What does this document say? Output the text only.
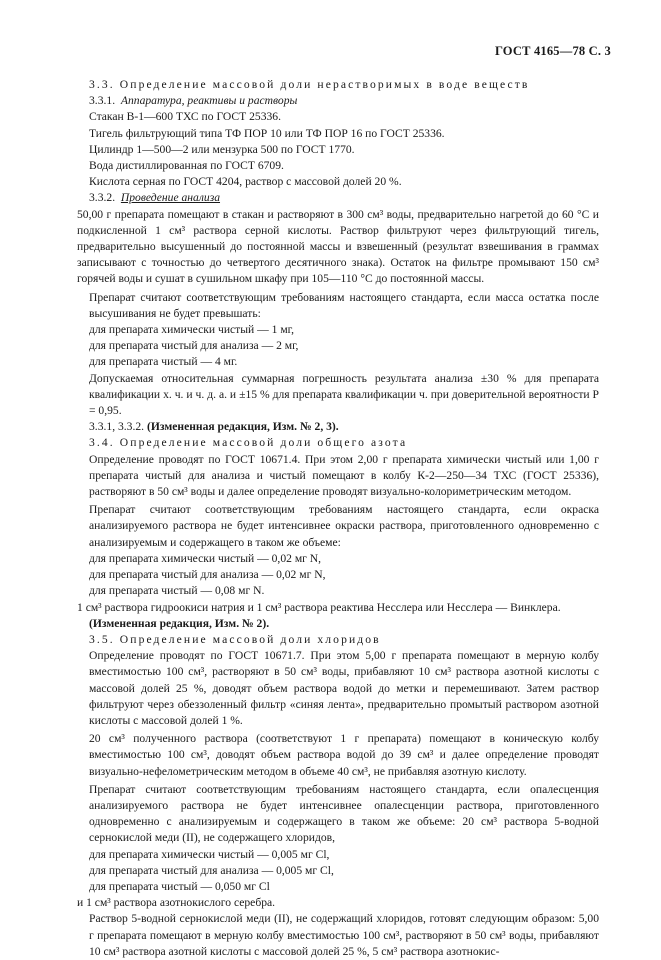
ГОСТ 4165—78 С. 3

3.3. Определение массовой доли нерастворимых в воде веществ

3.3.1. Аппаратура, реактивы и растворы

Стакан В-1—600 ТХС по ГОСТ 25336.

Тигель фильтрующий типа ТФ ПОР 10 или ТФ ПОР 16 по ГОСТ 25336.

Цилиндр 1—500—2 или мензурка 500 по ГОСТ 1770.

Вода дистиллированная по ГОСТ 6709.

Кислота серная по ГОСТ 4204, раствор с массовой долей 20 %.

3.3.2. Проведение анализа

50,00 г препарата помещают в стакан и растворяют в 300 см³ воды, предварительно нагретой до 60 °С и подкисленной 1 см³ раствора серной кислоты. Раствор фильтруют через фильтрующий тигель, предварительно высушенный до постоянной массы и взвешенный (результат взвешивания в граммах записывают с точностью до четвертого десятичного знака). Остаток на фильтре промывают 150 см³ горячей воды и сушат в сушильном шкафу при 105—110 °С до постоянной массы.

Препарат считают соответствующим требованиям настоящего стандарта, если масса остатка после высушивания не будет превышать:

для препарата химически чистый — 1 мг,

для препарата чистый для анализа — 2 мг,

для препарата чистый — 4 мг.

Допускаемая относительная суммарная погрешность результата анализа ±30 % для препарата квалификации х. ч. и ч. д. а. и ±15 % для препарата квалификации ч. при доверительной вероятности Р = 0,95.

3.3.1, 3.3.2. (Измененная редакция, Изм. № 2, 3).

3.4. Определение массовой доли общего азота

Определение проводят по ГОСТ 10671.4. При этом 2,00 г препарата химически чистый или 1,00 г препарата чистый для анализа и чистый помещают в колбу К-2—250—34 ТХС (ГОСТ 25336), растворяют в 50 см³ воды и далее определение проводят визуально-колориметрическим методом.

Препарат считают соответствующим требованиям настоящего стандарта, если окраска анализируемого раствора не будет интенсивнее окраски раствора, приготовленного одновременно с анализируемым и содержащего в таком же объеме:

для препарата химически чистый — 0,02 мг N,

для препарата чистый для анализа — 0,02 мг N,

для препарата чистый — 0,08 мг N.

1 см³ раствора гидроокиси натрия и 1 см³ раствора реактива Несслера или Несслера — Винклера.

(Измененная редакция, Изм. № 2).

3.5. Определение массовой доли хлоридов

Определение проводят по ГОСТ 10671.7. При этом 5,00 г препарата помещают в мерную колбу вместимостью 100 см³, растворяют в 50 см³ воды, прибавляют 10 см³ раствора азотной кислоты с массовой долей 25 %, доводят объем раствора водой до метки и перемешивают. Затем раствор фильтруют через обеззоленный фильтр «синяя лента», предварительно промытый раствором азотной кислоты с массовой долей 1 %.

20 см³ полученного раствора (соответствуют 1 г препарата) помещают в коническую колбу вместимостью 100 см³, доводят объем раствора водой до 39 см³ и далее определение проводят визуально-нефелометрическим методом в объеме 40 см³, не прибавляя азотную кислоту.

Препарат считают соответствующим требованиям настоящего стандарта, если опалесценция анализируемого раствора не будет интенсивнее опалесценции раствора, приготовленного одновременно с анализируемым и содержащего в таком же объеме: 20 см³ раствора 5-водной сернокислой меди (II), не содержащего хлоридов,

для препарата химически чистый — 0,005 мг Cl,

для препарата чистый для анализа — 0,005 мг Cl,

для препарата чистый — 0,050 мг Cl

и 1 см³ раствора азотнокислого серебра.

Раствор 5-водной сернокислой меди (II), не содержащий хлоридов, готовят следующим образом: 5,00 г препарата помещают в мерную колбу вместимостью 100 см³, растворяют в 50 см³ воды, прибавляют 10 см³ раствора азотной кислоты с массовой долей 25 %, 5 см³ раствора азотнокис-
